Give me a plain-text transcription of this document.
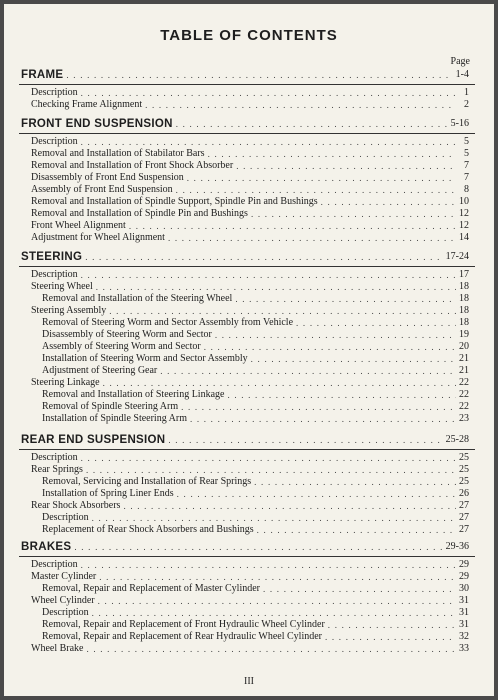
TABLE OF CONTENTS
Page
FRAME . . .	1-4
Description . . .	1
Checking Frame Alignment . . .	2
FRONT END SUSPENSION . . .	5-16
Description . . .	5
Removal and Installation of Stabilator Bars . . .	5
Removal and Installation of Front Shock Absorber . . .	7
Disassembly of Front End Suspension . . .	7
Assembly of Front End Suspension . . .	8
Removal and Installation of Spindle Support, Spindle Pin and Bushings . . .	10
Removal and Installation of Spindle Pin and Bushings . . .	12
Front Wheel Alignment . . .	12
Adjustment for Wheel Alignment . . .	14
STEERING . . .	17-24
Description . . .	17
Steering Wheel . . .	18
Removal and Installation of the Steering Wheel . . .	18
Steering Assembly . . .	18
Removal of Steering Worm and Sector Assembly from Vehicle . . .	18
Disassembly of Steering Worm and Sector . . .	19
Assembly of Steering Worm and Sector . . .	20
Installation of Steering Worm and Sector Assembly . . .	21
Adjustment of Steering Gear . . .	21
Steering Linkage . . .	22
Removal and Installation of Steering Linkage . . .	22
Removal of Spindle Steering Arm . . .	22
Installation of Spindle Steering Arm . . .	23
REAR END SUSPENSION . . .	25-28
Description . . .	25
Rear Springs . . .	25
Removal, Servicing and Installation of Rear Springs . . .	25
Installation of Spring Liner Ends . . .	26
Rear Shock Absorbers . . .	27
Description . . .	27
Replacement of Rear Shock Absorbers and Bushings . . .	27
BRAKES . . .	29-36
Description . . .	29
Master Cylinder . . .	29
Removal, Repair and Replacement of Master Cylinder . . .	30
Wheel Cylinder . . .	31
Description . . .	31
Removal, Repair and Replacement of Front Hydraulic Wheel Cylinder . . .	31
Removal, Repair and Replacement of Rear Hydraulic Wheel Cylinder . . .	32
Wheel Brake . . .	33
III
